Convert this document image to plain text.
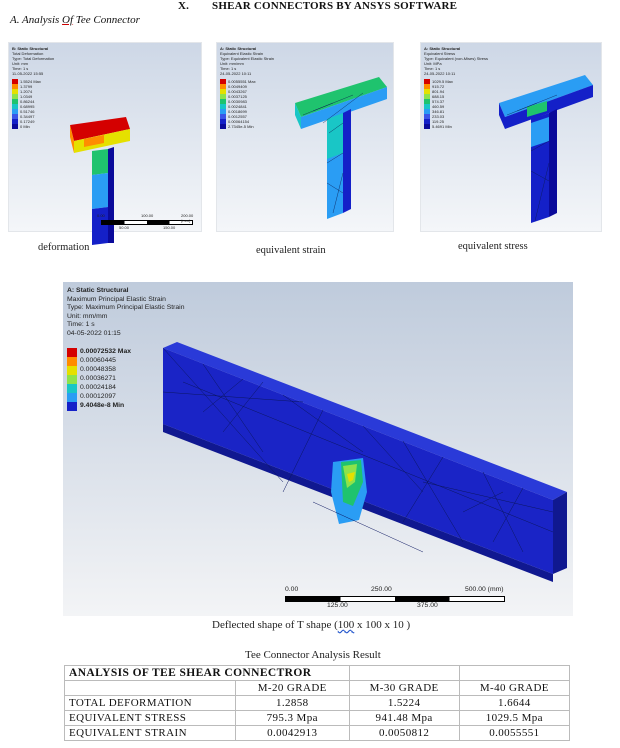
X. SHEAR CONNECTORS BY ANSYS SOFTWARE
A. Analysis Of Tee Connector
B: Static Structural
Total Deformation
Type: Total Deformation
Unit: mm
Time: 1 s
11-05-2022 15:55
1.5524 Max
1.3799
1.2074
1.0349
0.86244
0.68995
0.51746
0.34497
0.17249
0 Min
0.00	100.00	200.00 (mm)
50.00	150.00
deformation
A: Static Structural
Equivalent Elastic Strain
Type: Equivalent Elastic Strain
Unit: mm/mm
Time: 1 s
24-05-2022 10:11
0.0055551 Max
0.0049409
0.0043267
0.0037125
0.0030983
0.0024841
0.0018699
0.0012557
0.00064154
2.7345e-5 Min
equivalent strain
A: Static Structural
Equivalent Stress
Type: Equivalent (von-Mises) Stress
Unit: MPa
Time: 1 s
24-05-2022 10:11
1029.5 Max
915.72
801.94
688.15
574.37
460.59
346.81
233.03
119.25
5.4691 Min
equivalent stress
A: Static Structural
Maximum Principal Elastic Strain
Type: Maximum Principal Elastic Strain
Unit: mm/mm
Time: 1 s
04-05-2022 01:15
0.00072532 Max
0.00060445
0.00048358
0.00036271
0.00024184
0.00012097
9.4048e-8 Min
0.00	250.00	500.00 (mm)
125.00	375.00
Deflected shape of T shape (100 x 100 x 10 )
Tee Connector Analysis Result
ANALYSIS OF TEE SHEAR CONNECTROR			
	M-20 GRADE	M-30 GRADE	M-40 GRADE
TOTAL DEFORMATION	1.2858	1.5224	1.6644
EQUIVALENT STRESS	795.3 Mpa	941.48 Mpa	1029.5 Mpa
EQUIVALENT STRAIN	0.0042913	0.0050812	0.0055551
